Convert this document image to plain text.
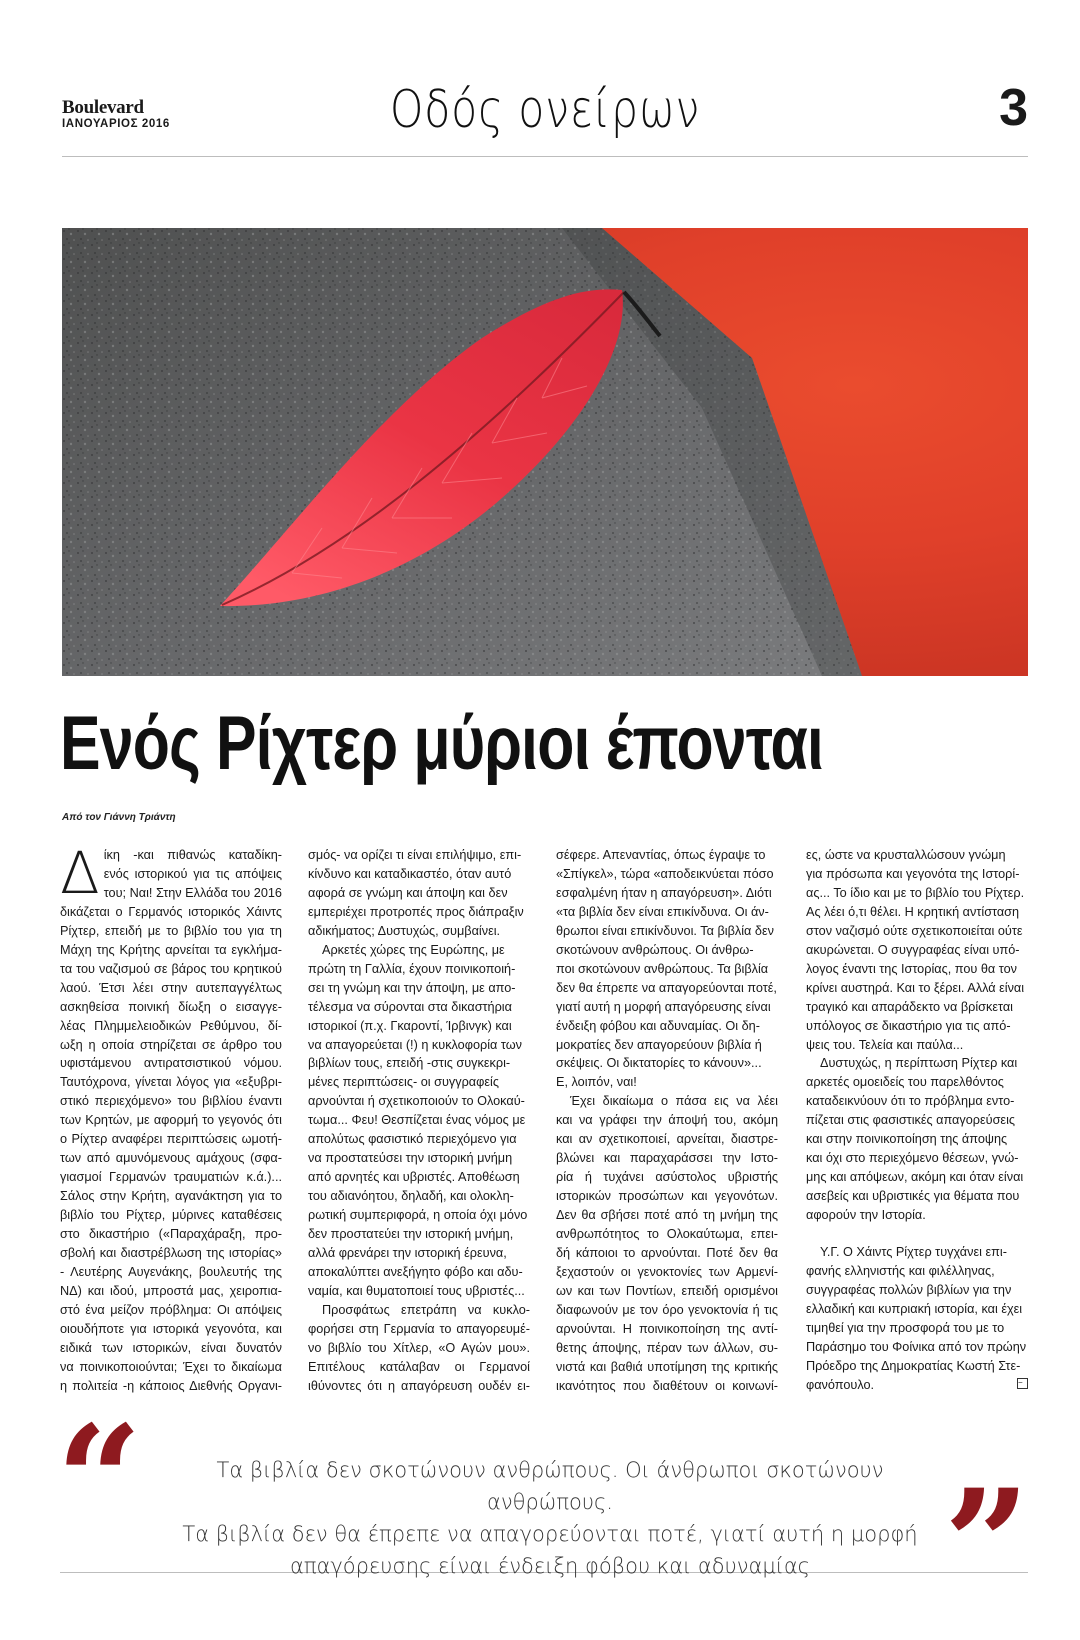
Boulevard
ΙΑΝΟΥΑΡΙΟΣ 2016	Οδός ονείρων	3
Ενός Ρίχτερ μύριοι έπονται
Από τον Γιάννη Τριάντη
Δ ίκη -και πιθανώς καταδίκη-
ενός ιστορικού για τις απόψεις
του; Ναι! Στην Ελλάδα του 2016
δικάζεται ο Γερμανός ιστορικός Χάιντς
Ρίχτερ, επειδή με το βιβλίο του για τη
Μάχη της Κρήτης αρνείται τα εγκλήμα-
τα του ναζισμού σε βάρος του κρητικού
λαού. Έτσι λέει στην αυτεπαγγέλτως
ασκηθείσα ποινική δίωξη ο εισαγγε-
λέας Πλημμελειοδικών Ρεθύμνου, δί-
ωξη η οποία στηρίζεται σε άρθρο του
υφιστάμενου αντιρατσιστικού νόμου.
Ταυτόχρονα, γίνεται λόγος για «εξυβρι-
στικό περιεχόμενο» του βιβλίου έναντι
των Κρητών, με αφορμή το γεγονός ότι
ο Ρίχτερ αναφέρει περιπτώσεις ωμοτή-
των από αμυνόμενους αμάχους (σφα-
γιασμοί Γερμανών τραυματιών κ.ά.)...
Σάλος στην Κρήτη, αγανάκτηση για το
βιβλίο του Ρίχτερ, μύρινες καταθέσεις
στο δικαστήριο («Παραχάραξη, προ-
σβολή και διαστρέβλωση της ιστορίας»
- Λευτέρης Αυγενάκης, βουλευτής της
ΝΔ) και ιδού, μπροστά μας, χειροπια-
στό ένα μείζον πρόβλημα: Οι απόψεις
οιουδήποτε για ιστορικά γεγονότα, και
ειδικά των ιστορικών, είναι δυνατόν
να ποινικοποιούνται; Έχει το δικαίωμα
η πολιτεία -η κάποιος Διεθνής Οργανι-

σμός- να ορίζει τι είναι επιλήψιμο, επι-
κίνδυνο και καταδικαστέο, όταν αυτό
αφορά σε γνώμη και άποψη και δεν
εμπεριέχει προτροπές προς διάπραξιν
αδικήματος; Δυστυχώς, συμβαίνει.

Αρκετές χώρες της Ευρώπης, με
πρώτη τη Γαλλία, έχουν ποινικοποιή-
σει τη γνώμη και την άποψη, με απο-
τέλεσμα να σύρονται στα δικαστήρια
ιστορικοί (π.χ. Γκαροντί, Ίρβινγκ) και
να απαγορεύεται (!) η κυκλοφορία των
βιβλίων τους, επειδή -στις συγκεκρι-
μένες περιπτώσεις- οι συγγραφείς
αρνούνται ή σχετικοποιούν το Ολοκαύ-
τωμα... Φευ! Θεσπίζεται ένας νόμος με
απολύτως φασιστικό περιεχόμενο για
να προστατεύσει την ιστορική μνήμη
από αρνητές και υβριστές. Αποθέωση
του αδιανόητου, δηλαδή, και ολοκλη-
ρωτική συμπεριφορά, η οποία όχι μόνο
δεν προστατεύει την ιστορική μνήμη,
αλλά φρενάρει την ιστορική έρευνα,
αποκαλύπτει ανεξήγητο φόβο και αδυ-
ναμία, και θυματοποιεί τους υβριστές...

Προσφάτως επετράπη να κυκλο-
φορήσει στη Γερμανία το απαγορευμέ-
νο βιβλίο του Χίτλερ, «Ο Αγών μου».
Επιτέλους κατάλαβαν οι Γερμανοί
ιθύνοντες ότι η απαγόρευση ουδέν ει-

σέφερε. Απεναντίας, όπως έγραψε το
«Σπίγκελ», τώρα «αποδεικνύεται πόσο
εσφαλμένη ήταν η απαγόρευση». Διότι
«τα βιβλία δεν είναι επικίνδυνα. Οι άν-
θρωποι είναι επικίνδυνοι. Τα βιβλία δεν
σκοτώνουν ανθρώπους. Οι άνθρω-
ποι σκοτώνουν ανθρώπους. Τα βιβλία
δεν θα έπρεπε να απαγορεύονται ποτέ,
γιατί αυτή η μορφή απαγόρευσης είναι
ένδειξη φόβου και αδυναμίας. Οι δη-
μοκρατίες δεν απαγορεύουν βιβλία ή
σκέψεις. Οι δικτατορίες το κάνουν»...
Ε, λοιπόν, ναι!

Έχει δικαίωμα ο πάσα εις να λέει
και να γράφει την άποψή του, ακόμη
και αν σχετικοποιεί, αρνείται, διαστρε-
βλώνει και παραχαράσσει την Ιστο-
ρία ή τυχάνει ασύστολος υβριστής
ιστορικών προσώπων και γεγονότων.
Δεν θα σβήσει ποτέ από τη μνήμη της
ανθρωπότητος το Ολοκαύτωμα, επει-
δή κάποιοι το αρνούνται. Ποτέ δεν θα
ξεχαστούν οι γενοκτονίες των Αρμενί-
ων και των Ποντίων, επειδή ορισμένοι
διαφωνούν με τον όρο γενοκτονία ή τις
αρνούνται. Η ποινικοποίηση της αντί-
θετης άποψης, πέραν των άλλων, συ-
νιστά και βαθιά υποτίμηση της κριτικής
ικανότητος που διαθέτουν οι κοινωνί-

ες, ώστε να κρυσταλλώσουν γνώμη
για πρόσωπα και γεγονότα της Ιστορί-
ας... Το ίδιο και με το βιβλίο του Ρίχτερ.
Ας λέει ό,τι θέλει. Η κρητική αντίσταση
στον ναζισμό ούτε σχετικοποιείται ούτε
ακυρώνεται. Ο συγγραφέας είναι υπό-
λογος έναντι της Ιστορίας, που θα τον
κρίνει αυστηρά. Και το ξέρει. Αλλά είναι
τραγικό και απαράδεκτο να βρίσκεται
υπόλογος σε δικαστήριο για τις από-
ψεις του. Τελεία και παύλα...

Δυστυχώς, η περίπτωση Ρίχτερ και
αρκετές ομοειδείς του παρελθόντος
καταδεικνύουν ότι το πρόβλημα εντο-
πίζεται στις φασιστικές απαγορεύσεις
και στην ποινικοποίηση της άποψης
και όχι στο περιεχόμενο θέσεων, γνώ-
μης και απόψεων, ακόμη και όταν είναι
ασεβείς και υβριστικές για θέματα που
αφορούν την Ιστορία.

Υ.Γ. Ο Χάιντς Ρίχτερ τυγχάνει επι-
φανής ελληνιστής και φιλέλληνας,
συγγραφέας πολλών βιβλίων για την
ελλαδική και κυπριακή ιστορία, και έχει
τιμηθεί για την προσφορά του με το
Παράσημο του Φοίνικα από τον πρώην
Πρόεδρο της Δημοκρατίας Κωστή Στε-
φανόπουλο.	−
“	Τα βιβλία δεν σκοτώνουν ανθρώπους. Οι άνθρωποι σκοτώνουν ανθρώπους.
Τα βιβλία δεν θα έπρεπε να απαγορεύονται ποτέ, γιατί αυτή η μορφή
απαγόρευσης είναι ένδειξη φόβου και αδυναμίας ”
